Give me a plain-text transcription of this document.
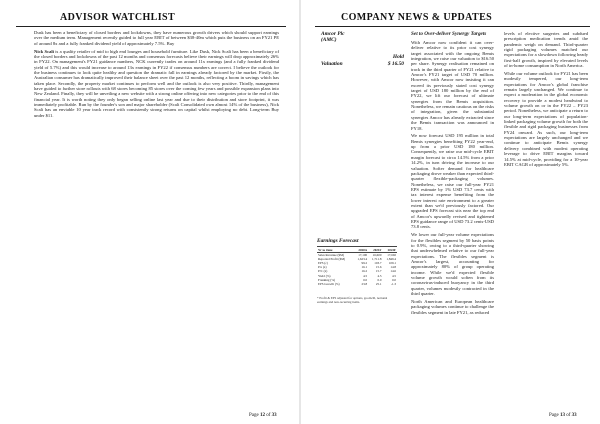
ADVISOR WATCHLIST

Dusk has been a beneficiary of closed borders and lockdowns, they have numerous growth drivers which should support earnings over the medium term. Management recently guided to full year EBIT of between $38-40m which puts the business on an FY21 PE of around 8x and a fully franked dividend yield of approximately 7.5%. Buy

Nick Scali is a quality retailer of mid to high end lounges and household furniture. Like Dusk, Nick Scali has been a beneficiary of the closed borders and lockdowns of the past 12 months and consensus forecasts believe their earnings will drop approximately 26% in FY22. On management's FY21 guidance numbers, NCK currently trades on around 11x earnings (and a fully franked dividend yield of 5.7%) and this would increase to around 13x earnings in FY22 if consensus numbers are correct. I believe the outlook for the business continues to look quite healthy and question the dramatic fall in earnings already factored by the market. Firstly, the Australian consumer has dramatically improved their balance sheet over the past 12 months, reflecting a boom in savings which has taken place. Secondly, the property market continues to perform well and the outlook is also very positive. Thirdly, management have guided to further store rollouts with 68 stores becoming 85 stores over the coming few years and possible expansion plans into New Zealand. Finally, they will be unveiling a new website with a strong online offering into new categories prior to the end of this financial year. It is worth noting they only began selling online last year and due to their distribution and store footprint, it was immediately profitable. Run by the founder's son and major shareholder (Scali Consolidated own almost 14% of the business), Nick Scali has an enviable 10 year track record with consistently strong returns on capital whilst employing no debt. Long-term Buy under $11.

Page 12 of 33
COMPANY NEWS & UPDATES
Amcor Plc (AMC)
Hold
Valuation	$ 16.50
Set to Over-deliver Synergy Targets

With Amcor now confident it can over-deliver relative to its prior cost synergy target associated with the ongoing Bemis integration, we raise our valuation to $16.50 per share. Synergy realisation remained on track in the third quarter of FY21 relative to Amcor's FY21 target of USD 70 million. However, with Amcor now insisting it can exceed its previously stated cost synergy target of USD 180 million by the end of FY22, we lift our forecast of ultimate synergies from the Bemis acquisition. Nonetheless, we remain cautious on the risks of integration, given the substantial synergies Amcor has already extracted since the Bemis transaction was announced in FY18.

We now forecast USD 195 million in total Bemis synergies benefiting FY22 year-end, up from a prior USD 180 million. Consequently, we raise our mid-cycle EBIT margin forecast to circa 14.5% from a prior 14.2%, in turn driving the increase to our valuation. Softer demand for healthcare packaging drove weaker than expected third-quarter flexible-packaging volumes. Nonetheless, we raise our full-year FY21 EPS estimate by 1% USD 73.7 cents with tax interest expense benefiting from the lower interest rate environment to a greater extent than we'd previously factored. Our upgraded EPS forecast sits near the top end of Amcor's upwardly revised and tightened EPS guidance range of USD 73.2 cents-USD 73.8 cents.

We lower our full-year volume expectations for the flexibles segment by 50 basis points to 0.9%, owing to a third-quarter showing that underwhelmed relative to our full-year expectations. The flexibles segment is Amcor's largest, accounting for approximately 80% of group operating income. While we'd expected flexible volume growth would soften from its coronavirus-induced buoyancy in the third quarter, volumes modestly contracted in the third quarter.

North American and European healthcare packaging volumes continue to challenge the flexibles segment in late FY21, as reduced

levels of elective surgeries and subdued prescription medication trends amid the pandemic weigh on demand. Third-quarter rigid packaging volumes matched our expectations for a slowdown following heady first-half growth, inspired by elevated levels of in-home consumption in North America.

While our volume outlook for FY21 has been modestly tempered, our long-term expectations for Amcor's global franchise remain largely unchanged. We continue to expect a moderation in the global economic recovery to provide a modest headwind to volume growth on or in the FY22 – FY23 period. Nonetheless, we anticipate a return to our long-term expectations of population-linked packaging volume growth for both the flexible and rigid packaging businesses from FY24 onward. As such, our long-term expectations are largely unchanged and we continue to anticipate Bemis synergy delivery combined with modest operating leverage to drive EBIT margins toward 14.5% at mid-cycle, providing for a 10-year EBIT CAGR of approximately 5%.

Earnings Forecast
Yr to June	2020A	2021F	2022F
Sales Revenue ($M)	17,100	16,600	17,692
Reported Profit ($M)	1,623.4	1,711.8	1,849.4
EPS (c)	99.2	103.7	109.1
P/e (x)	16.1	15.6	14.8
P/C (x)	16.2	15.7	14.6
Yield (%)	4.5	4.5	4.5
Franking (%)	0.0	0.0	0.0
EPS Growth (%)	23.8	25.1	-1.3

* Profit & EPS adjusted for options, goodwill, notional earnings and non-recurring items.

Page 13 of 33
